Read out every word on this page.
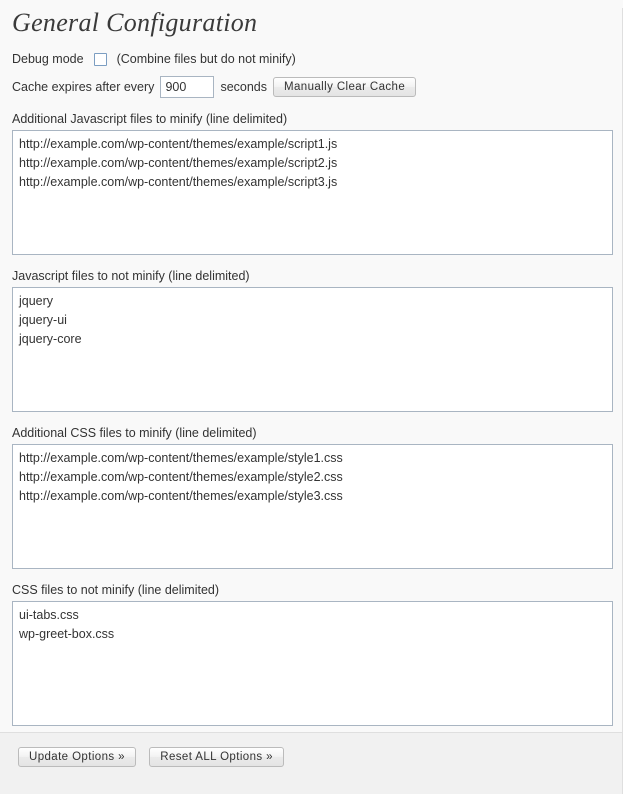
General Configuration
Debug mode	(Combine files but do not minify)
Cache expires after every
900	seconds	Manually Clear Cache
Additional Javascript files to minify (line delimited)
http://example.com/wp-content/themes/example/script1.js http://example.com/wp-content/themes/example/script2.js http://example.com/wp-content/themes/example/script3.js
Javascript files to not minify (line delimited)
jquery jquery-ui jquery-core
Additional CSS files to minify (line delimited)
http://example.com/wp-content/themes/example/style1.css http://example.com/wp-content/themes/example/style2.css http://example.com/wp-content/themes/example/style3.css
CSS files to not minify (line delimited)
ui-tabs.css wp-greet-box.css
Update Options »	Reset ALL Options »
